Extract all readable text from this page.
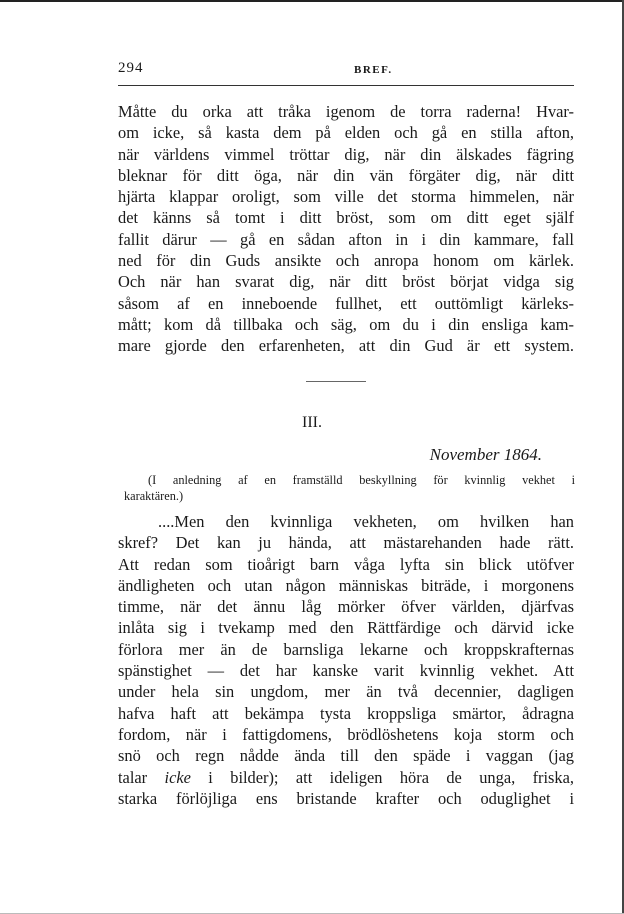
294	BREF.
Måtte du orka att tråka igenom de torra raderna! Hvar-
om icke, så kasta dem på elden och gå en stilla afton,
när världens vimmel tröttar dig, när din älskades fägring
bleknar för ditt öga, när din vän förgäter dig, när ditt
hjärta klappar oroligt, som ville det storma himmelen, när
det känns så tomt i ditt bröst, som om ditt eget själf
fallit därur — gå en sådan afton in i din kammare, fall
ned för din Guds ansikte och anropa honom om kärlek.
Och när han svarat dig, när ditt bröst börjat vidga sig
såsom af en inneboende fullhet, ett outtömligt kärleks-
mått; kom då tillbaka och säg, om du i din ensliga kam-
mare gjorde den erfarenheten, att din Gud är ett system.
III.
November 1864.
(I anledning af en framställd beskyllning för kvinnlig vekhet i
karaktären.)
....Men den kvinnliga vekheten, om hvilken han
skref? Det kan ju hända, att mästarehanden hade rätt.
Att redan som tioårigt barn våga lyfta sin blick utöfver
ändligheten och utan någon människas biträde, i morgonens
timme, när det ännu låg mörker öfver världen, djärfvas
inlåta sig i tvekamp med den Rättfärdige och därvid icke
förlora mer än de barnsliga lekarne och kroppskrafternas
spänstighet — det har kanske varit kvinnlig vekhet. Att
under hela sin ungdom, mer än två decennier, dagligen
hafva haft att bekämpa tysta kroppsliga smärtor, ådragna
fordom, när i fattigdomens, brödlöshetens koja storm och
snö och regn nådde ända till den späde i vaggan (jag
talar icke i bilder); att ideligen höra de unga, friska,
starka förlöjliga ens bristande krafter och oduglighet i
